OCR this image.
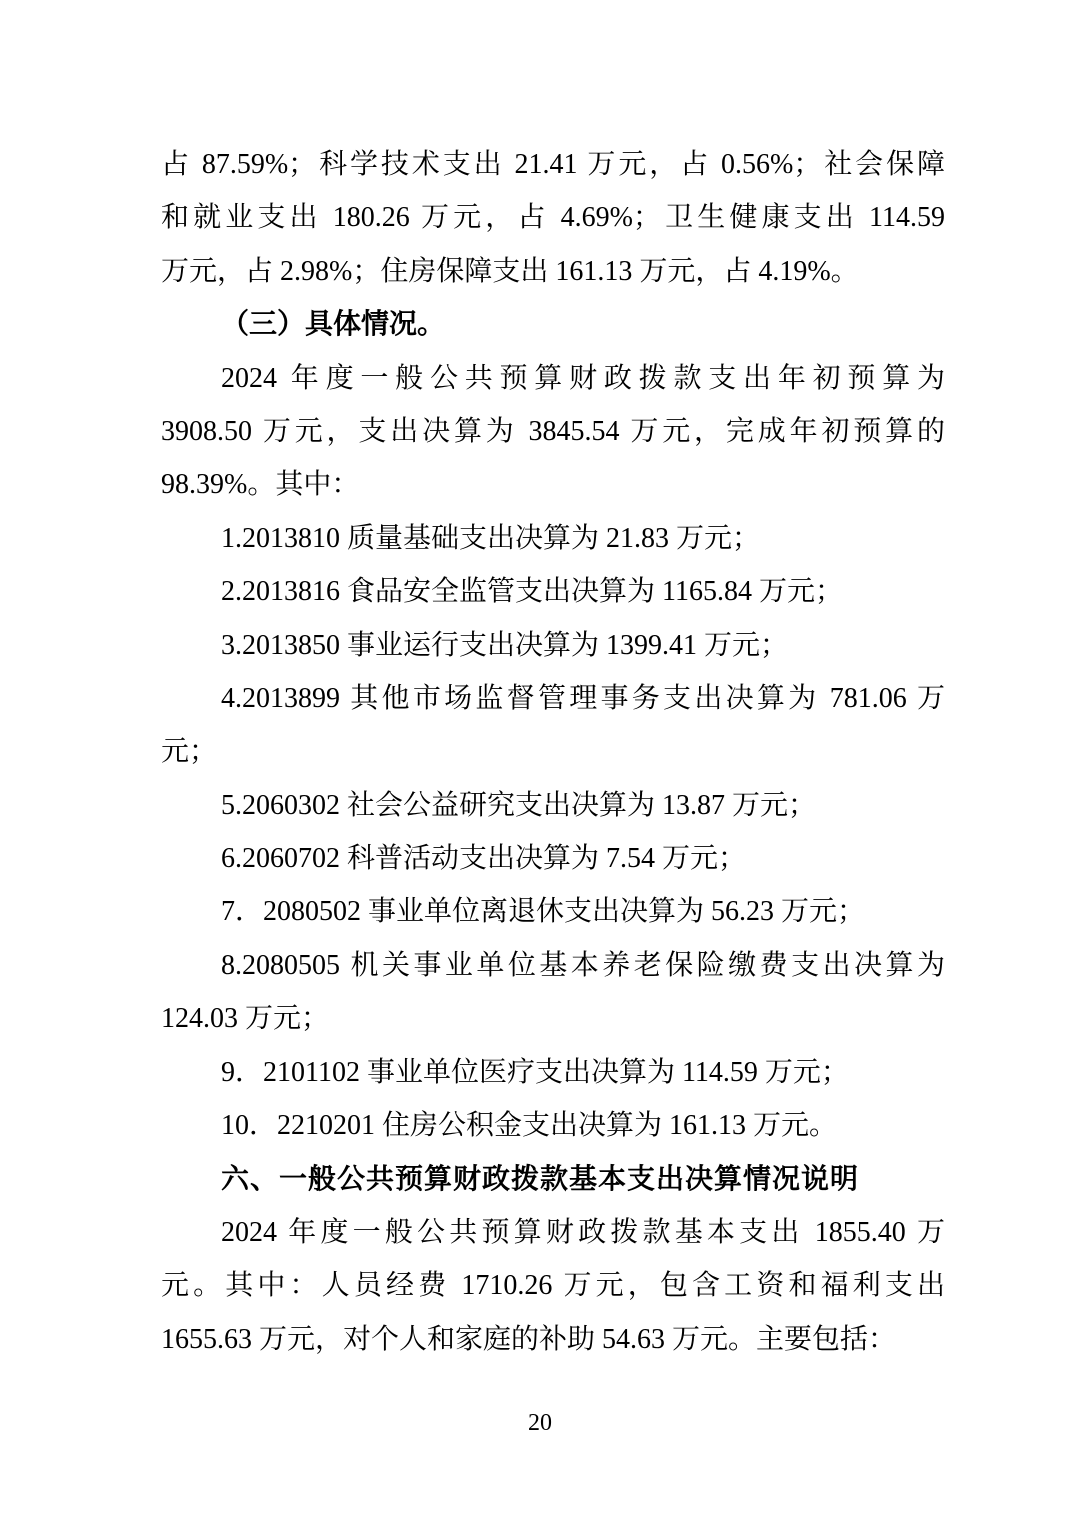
占 87.59%；科学技术支出 21.41 万元，占 0.56%；社会保障
和就业支出 180.26 万元，占 4.69%；卫生健康支出 114.59
万元，占 2.98%；住房保障支出 161.13 万元，占 4.19%。
（三）具体情况。
2024 年度一般公共预算财政拨款支出年初预算为
3908.50 万元，支出决算为 3845.54 万元，完成年初预算的
98.39%。其中：
1.2013810 质量基础支出决算为 21.83 万元；
2.2013816 食品安全监管支出决算为 1165.84 万元；
3.2013850 事业运行支出决算为 1399.41 万元；
4.2013899 其他市场监督管理事务支出决算为 781.06 万
元；
5.2060302 社会公益研究支出决算为 13.87 万元；
6.2060702 科普活动支出决算为 7.54 万元；
7．2080502 事业单位离退休支出决算为 56.23 万元；
8.2080505 机关事业单位基本养老保险缴费支出决算为
124.03 万元；
9．2101102 事业单位医疗支出决算为 114.59 万元；
10．2210201 住房公积金支出决算为 161.13 万元。
六、一般公共预算财政拨款基本支出决算情况说明
2024 年度一般公共预算财政拨款基本支出 1855.40 万
元。其中：人员经费 1710.26 万元，包含工资和福利支出
1655.63 万元，对个人和家庭的补助 54.63 万元。主要包括：
20
